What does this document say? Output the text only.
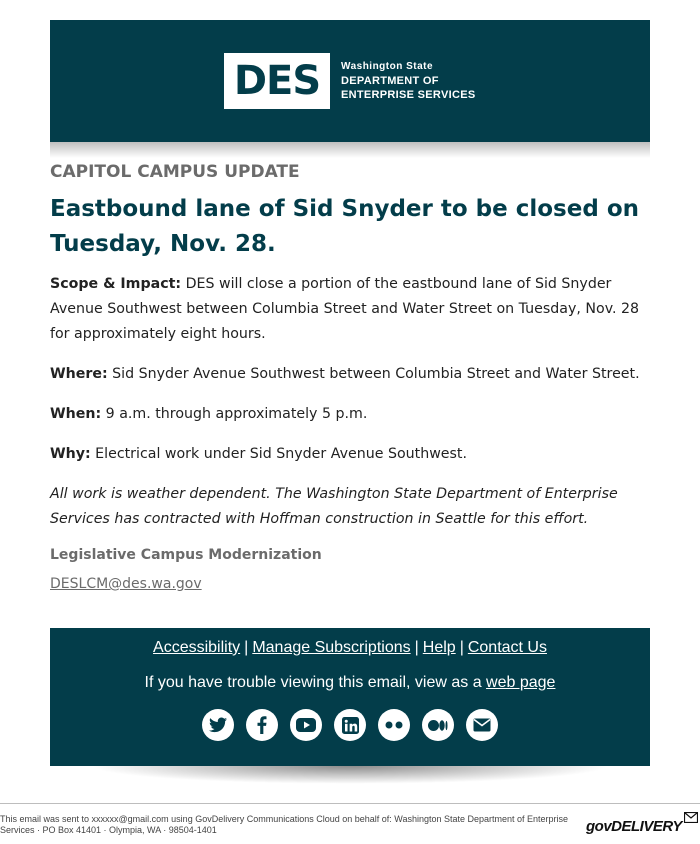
DES	Washington State
DEPARTMENT OF
ENTERPRISE SERVICES
CAPITOL CAMPUS UPDATE
Eastbound lane of Sid Snyder to be closed on Tuesday, Nov. 28.

Scope & Impact: DES will close a portion of the eastbound lane of Sid Snyder Avenue Southwest between Columbia Street and Water Street on Tuesday, Nov. 28 for approximately eight hours.

Where: Sid Snyder Avenue Southwest between Columbia Street and Water Street.

When: 9 a.m. through approximately 5 p.m.

Why: Electrical work under Sid Snyder Avenue Southwest.

All work is weather dependent. The Washington State Department of Enterprise Services has contracted with Hoffman construction in Seattle for this effort.

Legislative Campus Modernization
DESLCM@des.wa.gov
Accessibility | Manage Subscriptions | Help | Contact Us
If you have trouble viewing this email, view as a web page
This email was sent to xxxxxx@gmail.com using GovDelivery Communications Cloud on behalf of: Washington State Department of Enterprise Services · PO Box 41401 · Olympia, WA · 98504-1401	govDELIVERY
